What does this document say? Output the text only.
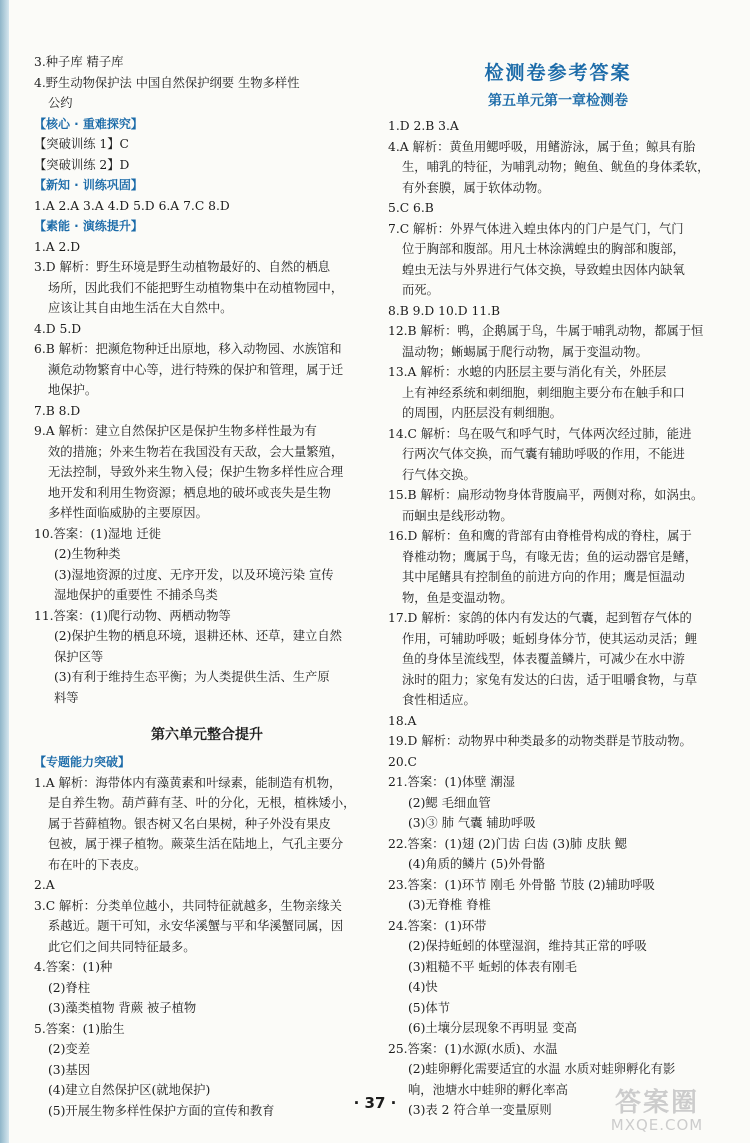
3.种子库 精子库
4.野生动物保护法 中国自然保护纲要 生物多样性
公约
【核心 · 重难探究】
【突破训练 1】C
【突破训练 2】D
【新知 · 训练巩固】
1.A 2.A 3.A 4.D 5.D 6.A 7.C 8.D
【素能 · 演练提升】
1.A 2.D
3.D 解析：野生环境是野生动植物最好的、自然的栖息
场所，因此我们不能把野生动植物集中在动植物园中，
应该让其自由地生活在大自然中。
4.D 5.D
6.B 解析：把濒危物种迁出原地，移入动物园、水族馆和
濒危动物繁育中心等，进行特殊的保护和管理，属于迁
地保护。
7.B 8.D
9.A 解析：建立自然保护区是保护生物多样性最为有
效的措施；外来生物若在我国没有天敌，会大量繁殖，
无法控制，导致外来生物入侵；保护生物多样性应合理
地开发和利用生物资源；栖息地的破坏或丧失是生物
多样性面临威胁的主要原因。
10.答案：(1)湿地 迁徙
(2)生物种类
(3)湿地资源的过度、无序开发，以及环境污染 宣传
湿地保护的重要性 不捕杀鸟类
11.答案：(1)爬行动物、两栖动物等
(2)保护生物的栖息环境，退耕还林、还草，建立自然
保护区等
(3)有利于维持生态平衡；为人类提供生活、生产原
料等
第六单元整合提升
【专题能力突破】
1.A 解析：海带体内有藻黄素和叶绿素，能制造有机物，
是自养生物。葫芦藓有茎、叶的分化，无根，植株矮小，
属于苔藓植物。银杏树又名白果树，种子外没有果皮
包被，属于裸子植物。蕨菜生活在陆地上，气孔主要分
布在叶的下表皮。
2.A
3.C 解析：分类单位越小，共同特征就越多，生物亲缘关
系越近。题干可知，永安华溪蟹与平和华溪蟹同属，因
此它们之间共同特征最多。
4.答案：(1)种
(2)脊柱
(3)藻类植物 背蕨 被子植物
5.答案：(1)胎生
(2)变差
(3)基因
(4)建立自然保护区(就地保护)
(5)开展生物多样性保护方面的宣传和教育
检测卷参考答案
第五单元第一章检测卷
1.D 2.B 3.A
4.A 解析：黄鱼用鳃呼吸，用鳍游泳，属于鱼；鲸具有胎
生，哺乳的特征，为哺乳动物；鲍鱼、鱿鱼的身体柔软，
有外套膜，属于软体动物。
5.C 6.B
7.C 解析：外界气体进入蝗虫体内的门户是气门，气门
位于胸部和腹部。用凡士林涂满蝗虫的胸部和腹部，
蝗虫无法与外界进行气体交换，导致蝗虫因体内缺氧
而死。
8.B 9.D 10.D 11.B
12.B 解析：鸭，企鹅属于鸟，牛属于哺乳动物，都属于恒
温动物；蜥蜴属于爬行动物，属于变温动物。
13.A 解析：水螅的内胚层主要与消化有关，外胚层
上有神经系统和刺细胞，刺细胞主要分布在触手和口
的周围，内胚层没有刺细胞。
14.C 解析：鸟在吸气和呼气时，气体两次经过肺，能进
行两次气体交换，而气囊有辅助呼吸的作用，不能进
行气体交换。
15.B 解析：扁形动物身体背腹扁平，两侧对称，如涡虫。
而蛔虫是线形动物。
16.D 解析：鱼和鹰的背部有由脊椎骨构成的脊柱，属于
脊椎动物；鹰属于鸟，有喙无齿；鱼的运动器官是鳍，
其中尾鳍具有控制鱼的前进方向的作用；鹰是恒温动
物，鱼是变温动物。
17.D 解析：家鸽的体内有发达的气囊，起到暂存气体的
作用，可辅助呼吸；蚯蚓身体分节，使其运动灵活；鲤
鱼的身体呈流线型，体表覆盖鳞片，可减少在水中游
泳时的阻力；家兔有发达的臼齿，适于咀嚼食物，与草
食性相适应。
18.A
19.D 解析：动物界中种类最多的动物类群是节肢动物。
20.C
21.答案：(1)体壁 潮湿
(2)鳃 毛细血管
(3)③ 肺 气囊 辅助呼吸
22.答案：(1)翅 (2)门齿 臼齿 (3)肺 皮肤 鳃
(4)角质的鳞片 (5)外骨骼
23.答案：(1)环节 刚毛 外骨骼 节肢 (2)辅助呼吸
(3)无脊椎 脊椎
24.答案：(1)环带
(2)保持蚯蚓的体壁湿润，维持其正常的呼吸
(3)粗糙不平 蚯蚓的体表有刚毛
(4)快
(5)体节
(6)土壤分层现象不再明显 变高
25.答案：(1)水源(水质)、水温
(2)蛙卵孵化需要适宜的水温 水质对蛙卵孵化有影
响，池塘水中蛙卵的孵化率高
(3)表 2 符合单一变量原则
· 37 ·	答案圈
MXQE.COM
